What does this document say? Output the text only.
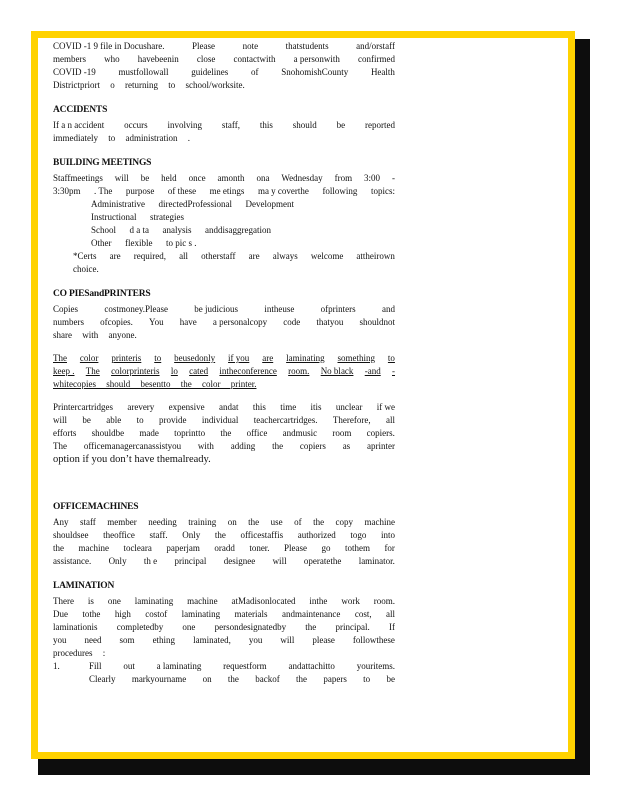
COVID -1 9 file in Docushare.	Please	note	thatstudents	and/orstaff
members who havebeenin close contactwith a personwith confirmed
COVID -19	mustfollowall	guidelines	of	SnohomishCounty	Health
Districtpriort o returning to school/worksite.
ACCIDENTS
If a n accident occurs involving staff, this should be reported
immediately to administration .
BUILDING MEETINGS
Staffmeetings will be held once amonth ona Wednesday from 3:00 -
3:30pm . The purpose of these me etings ma y coverthe following topics:
Administrative      directedProfessional      Development
Instructional      strategies
School      d a ta      analysis      anddisaggregation
Other      flexible      to pic s .
*Certs are required, all otherstaff are always welcome attheirown
choice.
CO PIESandPRINTERS
Copies	costmoney.Please	be judicious	intheuse	ofprinters	and
numbers ofcopies. You have a personalcopy code thatyou shouldnot
share with anyone.
The color printeris to beusedonly if you are laminating something to
keep . The colorprinteris lo cated intheconference room. No black -and -
whitecopies should besentto the color printer.
Printercartridges arevery expensive andat this time itis unclear if we
will be able to provide individual teachercartridges. Therefore, all
efforts shouldbe made toprintto the office andmusic room copiers.
The officemanagercanassistyou with adding the copiers as aprinter
option if you don’t have themalready.
OFFICEMACHINES
Any staff member needing training on the use of the copy machine
shouldsee theoffice staff. Only the officestaffis authorized togo into
the machine tocleara paperjam oradd toner. Please go tothem for
assistance. Only th e principal designee will operatethe laminator.
LAMINATION
There is one laminating machine atMadisonlocated inthe work room.
Due tothe high costof laminating materials andmaintenance cost, all
laminationis completedby one persondesignatedby the principal. If
you need som ething laminated, you will please followthese
procedures :
1.	Fill out a laminating requestform andattachitto youritems.
Clearly markyourname on the backof the papers to be
